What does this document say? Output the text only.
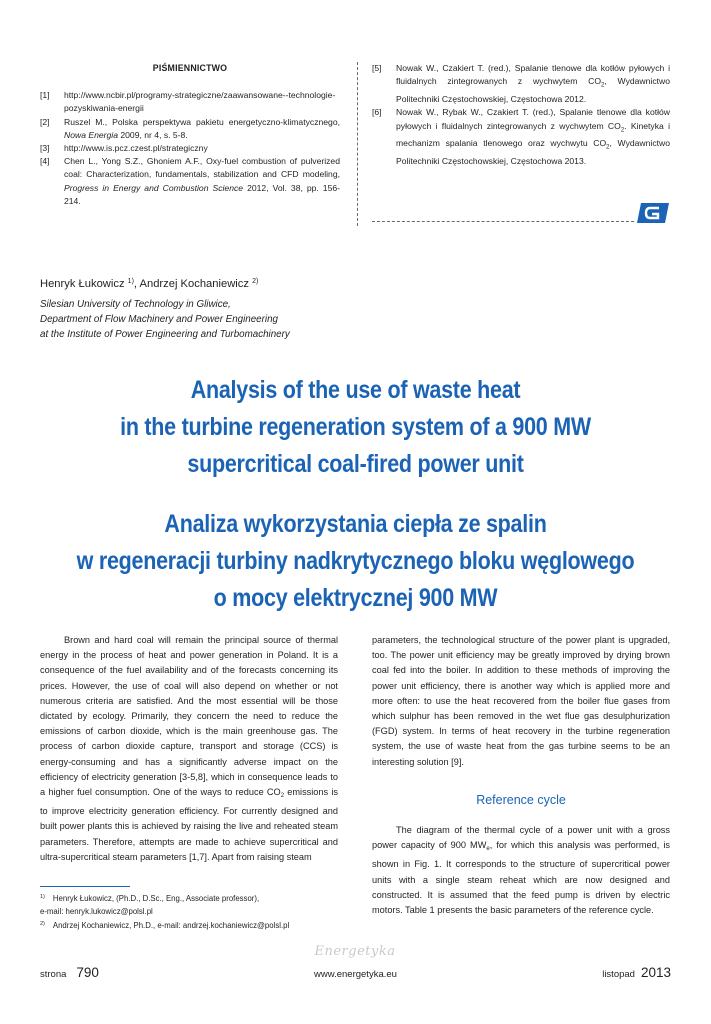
PIŚMIENNICTWO
[1]	http://www.ncbir.pl/programy-strategiczne/zaawansowane--technologie-pozyskiwania-energii
[2]	Ruszel M., Polska perspektywa pakietu energetyczno-klimatycznego, Nowa Energia 2009, nr 4, s. 5-8.
[3]	http://www.is.pcz.czest.pl/strategiczny
[4]	Chen L., Yong S.Z., Ghoniem A.F., Oxy-fuel combustion of pulverized coal: Characterization, fundamentals, stabilization and CFD modeling, Progress in Energy and Combustion Science 2012, Vol. 38, pp. 156-214.
[5]	Nowak W., Czakiert T. (red.), Spalanie tlenowe dla kotłów pyłowych i fluidalnych zintegrowanych z wychwytem $CO_2$, Wydawnictwo Politechniki Częstochowskiej, Częstochowa 2012.
[6]	Nowak W., Rybak W., Czakiert T. (red.), Spalanie tlenowe dla kotłów pyłowych i fluidalnych zintegrowanych z wychwytem $CO_2$. Kinetyka i mechanizm spalania tlenowego oraz wychwytu $CO_2$, Wydawnictwo Politechniki Częstochowskiej, Częstochowa 2013.
Henryk Łukowicz $^{1)}$, Andrzej Kochaniewicz $^{2)}$
Silesian University of Technology in Gliwice,
Department of Flow Machinery and Power Engineering
at the Institute of Power Engineering and Turbomachinery
Analysis of the use of waste heat
in the turbine regeneration system of a 900 MW
supercritical coal-fired power unit
Analiza wykorzystania ciepła ze spalin
w regeneracji turbiny nadkrytycznego bloku węglowego
o mocy elektrycznej 900 MW
Brown and hard coal will remain the principal source of thermal energy in the process of heat and power generation in Poland. It is a consequence of the fuel availability and of the forecasts concerning its prices. However, the use of coal will also depend on whether or not numerous criteria are satisfied. And the most essential will be those dictated by ecology. Primarily, they concern the need to reduce the emissions of carbon dioxide, which is the main greenhouse gas. The process of carbon dioxide capture, transport and storage (CCS) is energy-consuming and has a significantly adverse impact on the efficiency of electricity generation [3-5,8], which in consequence leads to a higher fuel consumption. One of the ways to reduce $CO_2$ emissions is to improve electricity generation efficiency. For currently designed and built power plants this is achieved by raising the live and reheated steam parameters. Therefore, attempts are made to achieve supercritical and ultra-supercritical steam parameters [1,7]. Apart from raising steam

parameters, the technological structure of the power plant is upgraded, too. The power unit efficiency may be greatly improved by drying brown coal fed into the boiler. In addition to these methods of improving the power unit efficiency, there is another way which is applied more and more often: to use the heat recovered from the boiler flue gases from which sulphur has been removed in the wet flue gas desulphurization (FGD) system. In terms of heat recovery in the turbine regeneration system, the use of waste heat from the gas turbine seems to be an interesting solution [9].

Reference cycle

The diagram of the thermal cycle of a power unit with a gross power capacity of 900 $MW_e$, for which this analysis was performed, is shown in Fig. 1. It corresponds to the structure of supercritical power units with a single steam reheat which are now designed and constructed. It is assumed that the feed pump is driven by electric motors. Table 1 presents the basic parameters of the reference cycle.

$^{1)}$ Henryk Łukowicz, (Ph.D., D.Sc., Eng., Associate professor),
e-mail: henryk.lukowicz@polsl.pl
$^{2)}$ Andrzej Kochaniewicz, Ph.D., e-mail: andrzej.kochaniewicz@polsl.pl
Energetyka
strona 790	www.energetyka.eu	listopad 2013
